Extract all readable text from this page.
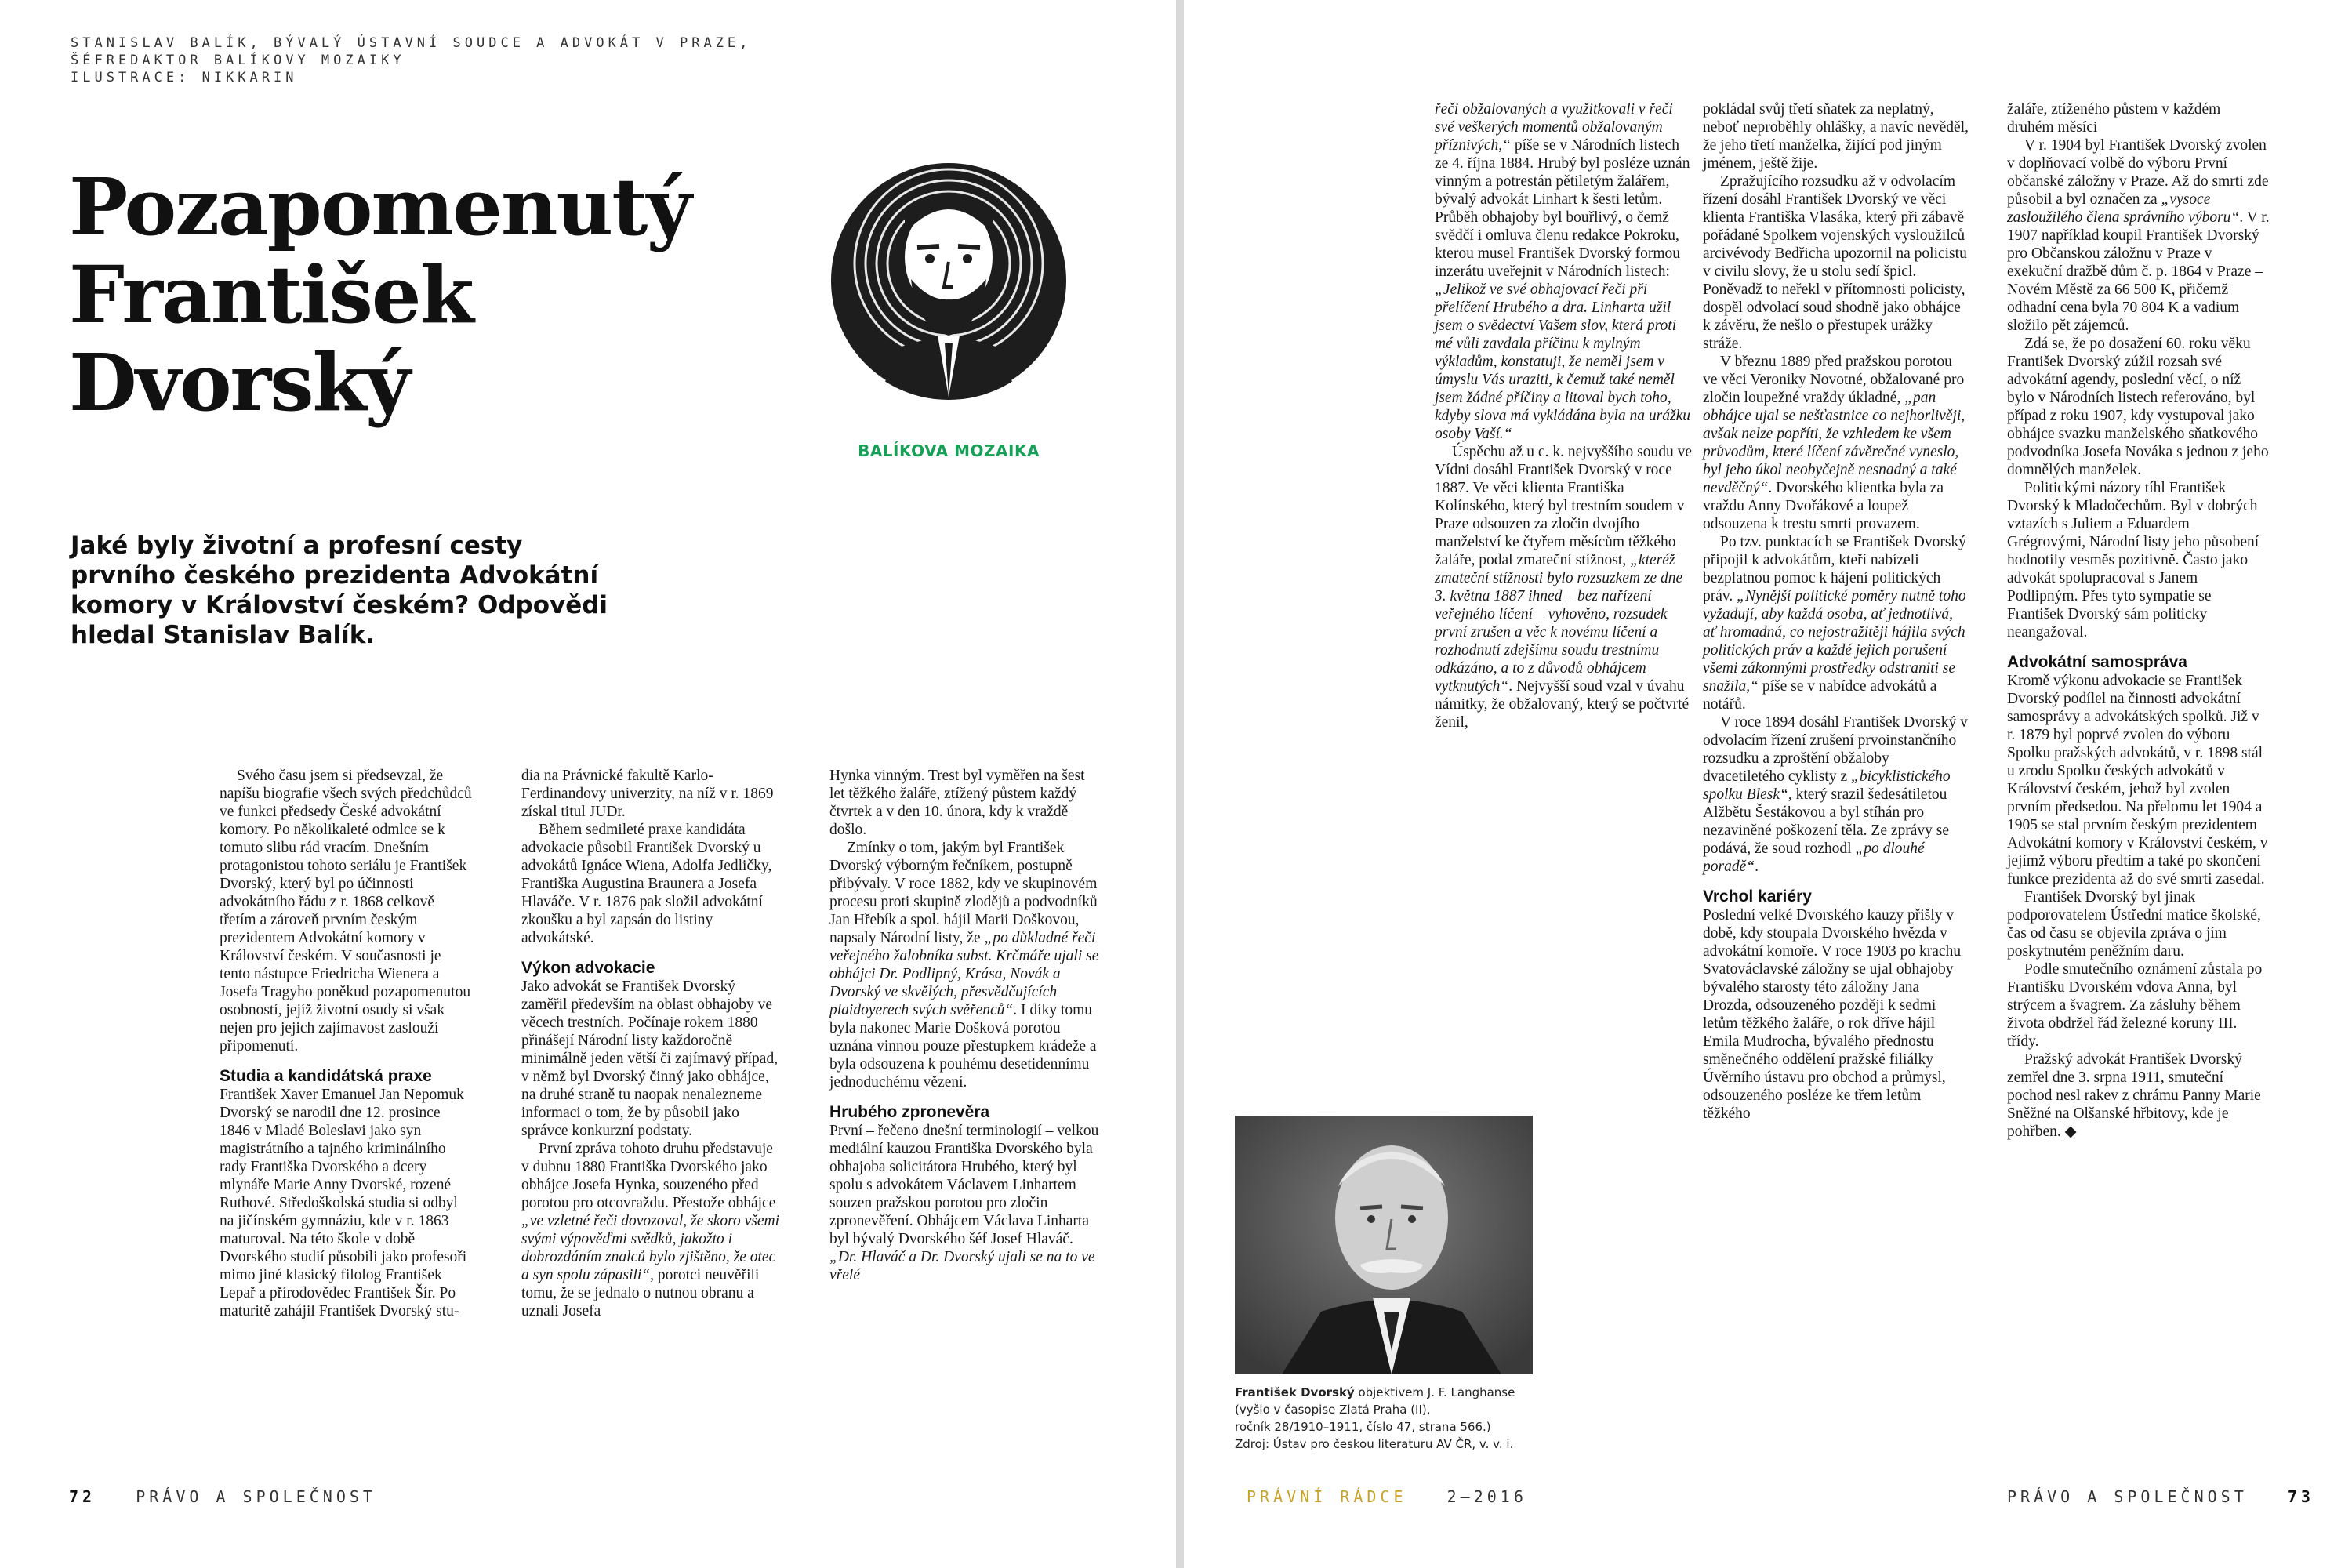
STANISLAV BALÍK, BÝVALÝ ÚSTAVNÍ SOUDCE A ADVOKÁT V PRAZE,
ŠÉFREDAKTOR BALÍKOVY MOZAIKY
ILUSTRACE: NIKKARIN
Pozapomenutý
František
Dvorský
BALÍKOVA MOZAIKA
Jaké byly životní a profesní cesty prvního českého prezidenta Advokátní komory v Království českém? Odpovědi hledal Stanislav Balík.

Svého času jsem si předsevzal, že napíšu biografie všech svých předchůdců ve funkci předsedy České advokátní komory. Po několikaleté odmlce se k tomuto slibu rád vracím. Dnešním protagonistou tohoto seriálu je František Dvorský, který byl po účinnosti advokátního řádu z r. 1868 celkově třetím a zároveň prvním českým prezidentem Advokátní komory v Království českém. V současnosti je tento nástupce Friedricha Wienera a Josefa Tragyho poněkud pozapomenutou osobností, jejíž životní osudy si však nejen pro jejich zajímavost zaslouží připomenutí.

Studia a kandidátská praxe

František Xaver Emanuel Jan Nepomuk Dvorský se narodil dne 12. prosince 1846 v Mladé Boleslavi jako syn magistrátního a tajného kriminálního rady Františka Dvorského a dcery mlynáře Marie Anny Dvorské, rozené Ruthové. Středoškolská studia si odbyl na jičínském gymnáziu, kde v r. 1863 maturoval. Na této škole v době Dvorského studií působili jako profesoři mimo jiné klasický filolog František Lepař a přírodovědec František Šír. Po maturitě zahájil František Dvorský stu-

dia na Právnické fakultě Karlo-Ferdinandovy univerzity, na níž v r. 1869 získal titul JUDr.

Během sedmileté praxe kandidáta advokacie působil František Dvorský u advokátů Ignáce Wiena, Adolfa Jedličky, Františka Augustina Braunera a Josefa Hlaváče. V r. 1876 pak složil advokátní zkoušku a byl zapsán do listiny advokátské.

Výkon advokacie

Jako advokát se František Dvorský zaměřil především na oblast obhajoby ve věcech trestních. Počínaje rokem 1880 přinášejí Národní listy každoročně minimálně jeden větší či zajímavý případ, v němž byl Dvorský činný jako obhájce, na druhé straně tu naopak nenalezneme informaci o tom, že by působil jako správce konkurzní podstaty.

První zpráva tohoto druhu představuje v dubnu 1880 Františka Dvorského jako obhájce Josefa Hynka, souzeného před porotou pro otcovraždu. Přestože obhájce „ve vzletné řeči dovozoval, že skoro všemi svými výpověďmi svědků, jakožto i dobrozdáním znalců bylo zjištěno, že otec a syn spolu zápasili“, porotci neuvěřili tomu, že se jednalo o nutnou obranu a uznali Josefa

Hynka vinným. Trest byl vyměřen na šest let těžkého žaláře, ztížený půstem každý čtvrtek a v den 10. února, kdy k vraždě došlo.

Zmínky o tom, jakým byl František Dvorský výborným řečníkem, postupně přibývaly. V roce 1882, kdy ve skupinovém procesu proti skupině zlodějů a podvodníků Jan Hřebík a spol. hájil Marii Doškovou, napsaly Národní listy, že „po důkladné řeči veřejného žalobníka subst. Krčmáře ujali se obhájci Dr. Podlipný, Krása, Novák a Dvorský ve skvělých, přesvědčujících plaidoyerech svých svěřenců“. I díky tomu byla nakonec Marie Došková porotou uznána vinnou pouze přestupkem krádeže a byla odsouzena k pouhému desetidennímu jednoduchému vězení.

Hrubého zpronevěra

První – řečeno dnešní terminologií – velkou mediální kauzou Františka Dvorského byla obhajoba solicitátora Hrubého, který byl spolu s advokátem Václavem Linhartem souzen pražskou porotou pro zločin zpronevěření. Obhájcem Václava Linharta byl bývalý Dvorského šéf Josef Hlaváč. „Dr. Hlaváč a Dr. Dvorský ujali se na to ve vřelé

72	PRÁVO A SPOLEČNOST

řeči obžalovaných a využitkovali v řeči své veškerých momentů obžalovaným příznivých,“ píše se v Národních listech ze 4. října 1884. Hrubý byl posléze uznán vinným a potrestán pětiletým žalářem, bývalý advokát Linhart k šesti letům. Průběh obhajoby byl bouřlivý, o čemž svědčí i omluva členu redakce Pokroku, kterou musel František Dvorský formou inzerátu uveřejnit v Národních listech: „Jelikož ve své obhajovací řeči při přelíčení Hrubého a dra. Linharta užil jsem o svědectví Vašem slov, která proti mé vůli zavdala příčinu k mylným výkladům, konstatuji, že neměl jsem v úmyslu Vás uraziti, k čemuž také neměl jsem žádné příčiny a litoval bych toho, kdyby slova má vykládána byla na urážku osoby Vaší.“

Úspěchu až u c. k. nejvyššího soudu ve Vídni dosáhl František Dvorský v roce 1887. Ve věci klienta Františka Kolínského, který byl trestním soudem v Praze odsouzen za zločin dvojího manželství ke čtyřem měsícům těžkého žaláře, podal zmateční stížnost, „kteréž zmateční stížnosti bylo rozsuzkem ze dne 3. května 1887 ihned – bez nařízení veřejného líčení – vyhověno, rozsudek první zrušen a věc k novému líčení a rozhodnutí zdejšímu soudu trestnímu odkázáno, a to z důvodů obhájcem vytknutých“. Nejvyšší soud vzal v úvahu námitky, že obžalovaný, který se počtvrté ženil,

František Dvorský objektivem J. F. Langhanse
(vyšlo v časopise Zlatá Praha (II),
ročník 28/1910–1911, číslo 47, strana 566.)
Zdroj: Ústav pro českou literaturu AV ČR, v. v. i.

pokládal svůj třetí sňatek za neplatný, neboť neproběhly ohlášky, a navíc nevěděl, že jeho třetí manželka, žijící pod jiným jménem, ještě žije.

Zpražujícího rozsudku až v odvolacím řízení dosáhl František Dvorský ve věci klienta Františka Vlasáka, který při zábavě pořádané Spolkem vojenských vysloužilců arcivévody Bedřicha upozornil na policistu v civilu slovy, že u stolu sedí špicl. Poněvadž to neřekl v přítomnosti policisty, dospěl odvolací soud shodně jako obhájce k závěru, že nešlo o přestupek urážky stráže.

V březnu 1889 před pražskou porotou ve věci Veroniky Novotné, obžalované pro zločin loupežné vraždy úkladné, „pan obhájce ujal se nešťastnice co nejhorlivěji, avšak nelze popříti, že vzhledem ke všem průvodům, které líčení závěrečné vyneslo, byl jeho úkol neobyčejně nesnadný a také nevděčný“. Dvorského klientka byla za vraždu Anny Dvořákové a loupež odsouzena k trestu smrti provazem.

Po tzv. punktacích se František Dvorský připojil k advokátům, kteří nabízeli bezplatnou pomoc k hájení politických práv. „Nynější politické poměry nutně toho vyžadují, aby každá osoba, ať jednotlivá, ať hromadná, co nejostražitěji hájila svých politických práv a každé jejich porušení všemi zákonnými prostředky odstraniti se snažila,“ píše se v nabídce advokátů a notářů.

V roce 1894 dosáhl František Dvorský v odvolacím řízení zrušení prvoinstančního rozsudku a zproštění obžaloby dvacetiletého cyklisty z „bicyklistického spolku Blesk“, který srazil šedesátiletou Alžbětu Šestákovou a byl stíhán pro nezaviněné poškození těla. Ze zprávy se podává, že soud rozhodl „po dlouhé poradě“.

Vrchol kariéry

Poslední velké Dvorského kauzy přišly v době, kdy stoupala Dvorského hvězda v advokátní komoře. V roce 1903 po krachu Svatováclavské záložny se ujal obhajoby bývalého starosty této záložny Jana Drozda, odsouzeného později k sedmi letům těžkého žaláře, o rok dříve hájil Emila Mudrocha, bývalého přednostu směnečného oddělení pražské filiálky Úvěrního ústavu pro obchod a průmysl, odsouzeného posléze ke třem letům těžkého

žaláře, ztíženého půstem v každém druhém měsíci

V r. 1904 byl František Dvorský zvolen v doplňovací volbě do výboru První občanské záložny v Praze. Až do smrti zde působil a byl označen za „vysoce zasloužilého člena správního výboru“. V r. 1907 například koupil František Dvorský pro Občanskou záložnu v Praze v exekuční dražbě dům č. p. 1864 v Praze – Novém Městě za 66 500 K, přičemž odhadní cena byla 70 804 K a vadium složilo pět zájemců.

Zdá se, že po dosažení 60. roku věku František Dvorský zúžil rozsah své advokátní agendy, poslední věcí, o níž bylo v Národních listech referováno, byl případ z roku 1907, kdy vystupoval jako obhájce svazku manželského sňatkového podvodníka Josefa Nováka s jednou z jeho domnělých manželek.

Politickými názory tíhl František Dvorský k Mladočechům. Byl v dobrých vztazích s Juliem a Eduardem Grégrovými, Národní listy jeho působení hodnotily vesměs pozitivně. Často jako advokát spolupracoval s Janem Podlipným. Přes tyto sympatie se František Dvorský sám politicky neangažoval.

Advokátní samospráva

Kromě výkonu advokacie se František Dvorský podílel na činnosti advokátní samosprávy a advokátských spolků. Již v r. 1879 byl poprvé zvolen do výboru Spolku pražských advokátů, v r. 1898 stál u zrodu Spolku českých advokátů v Království českém, jehož byl zvolen prvním předsedou. Na přelomu let 1904 a 1905 se stal prvním českým prezidentem Advokátní komory v Království českém, v jejímž výboru předtím a také po skončení funkce prezidenta až do své smrti zasedal.

František Dvorský byl jinak podporovatelem Ústřední matice školské, čas od času se objevila zpráva o jím poskytnutém peněžním daru.

Podle smutečního oznámení zůstala po Františku Dvorském vdova Anna, byl strýcem a švagrem. Za zásluhy během života obdržel řád železné koruny III. třídy.

Pražský advokát František Dvorský zemřel dne 3. srpna 1911, smuteční pochod nesl rakev z chrámu Panny Marie Sněžné na Olšanské hřbitovy, kde je pohřben. ◆

PRÁVNÍ RÁDCE	2—2016	PRÁVO A SPOLEČNOST	73
